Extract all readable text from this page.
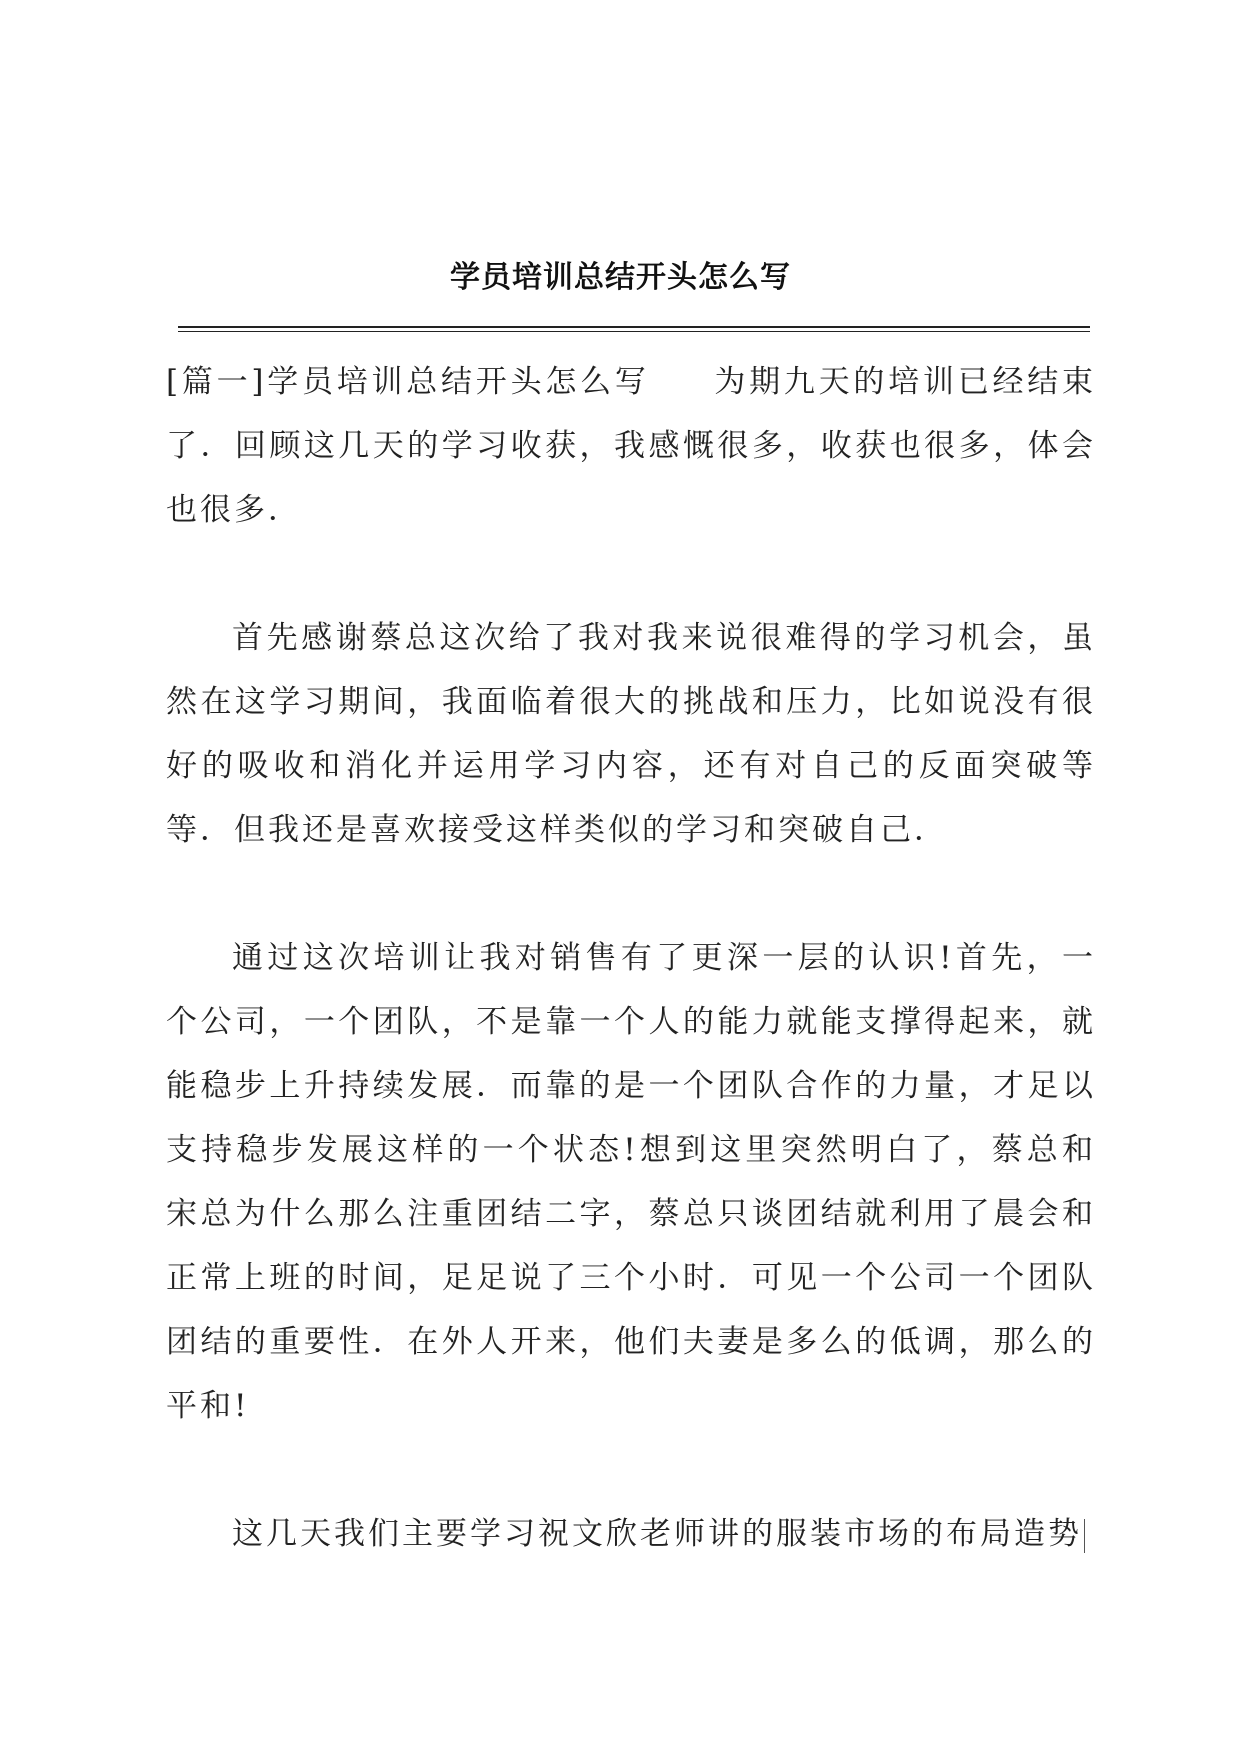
学员培训总结开头怎么写

[篇一]学员培训总结开头怎么写 为期九天的培训已经结束了．回顾这几天的学习收获，我感慨很多，收获也很多，体会也很多．

首先感谢蔡总这次给了我对我来说很难得的学习机会，虽然在这学习期间，我面临着很大的挑战和压力，比如说没有很好的吸收和消化并运用学习内容，还有对自己的反面突破等等．但我还是喜欢接受这样类似的学习和突破自己．

通过这次培训让我对销售有了更深一层的认识!首先，一个公司，一个团队，不是靠一个人的能力就能支撑得起来，就能稳步上升持续发展．而靠的是一个团队合作的力量，才足以支持稳步发展这样的一个状态!想到这里突然明白了，蔡总和宋总为什么那么注重团结二字，蔡总只谈团结就利用了晨会和正常上班的时间，足足说了三个小时．可见一个公司一个团队团结的重要性．在外人开来，他们夫妻是多么的低调，那么的平和!

这几天我们主要学习祝文欣老师讲的服装市场的布局造势
